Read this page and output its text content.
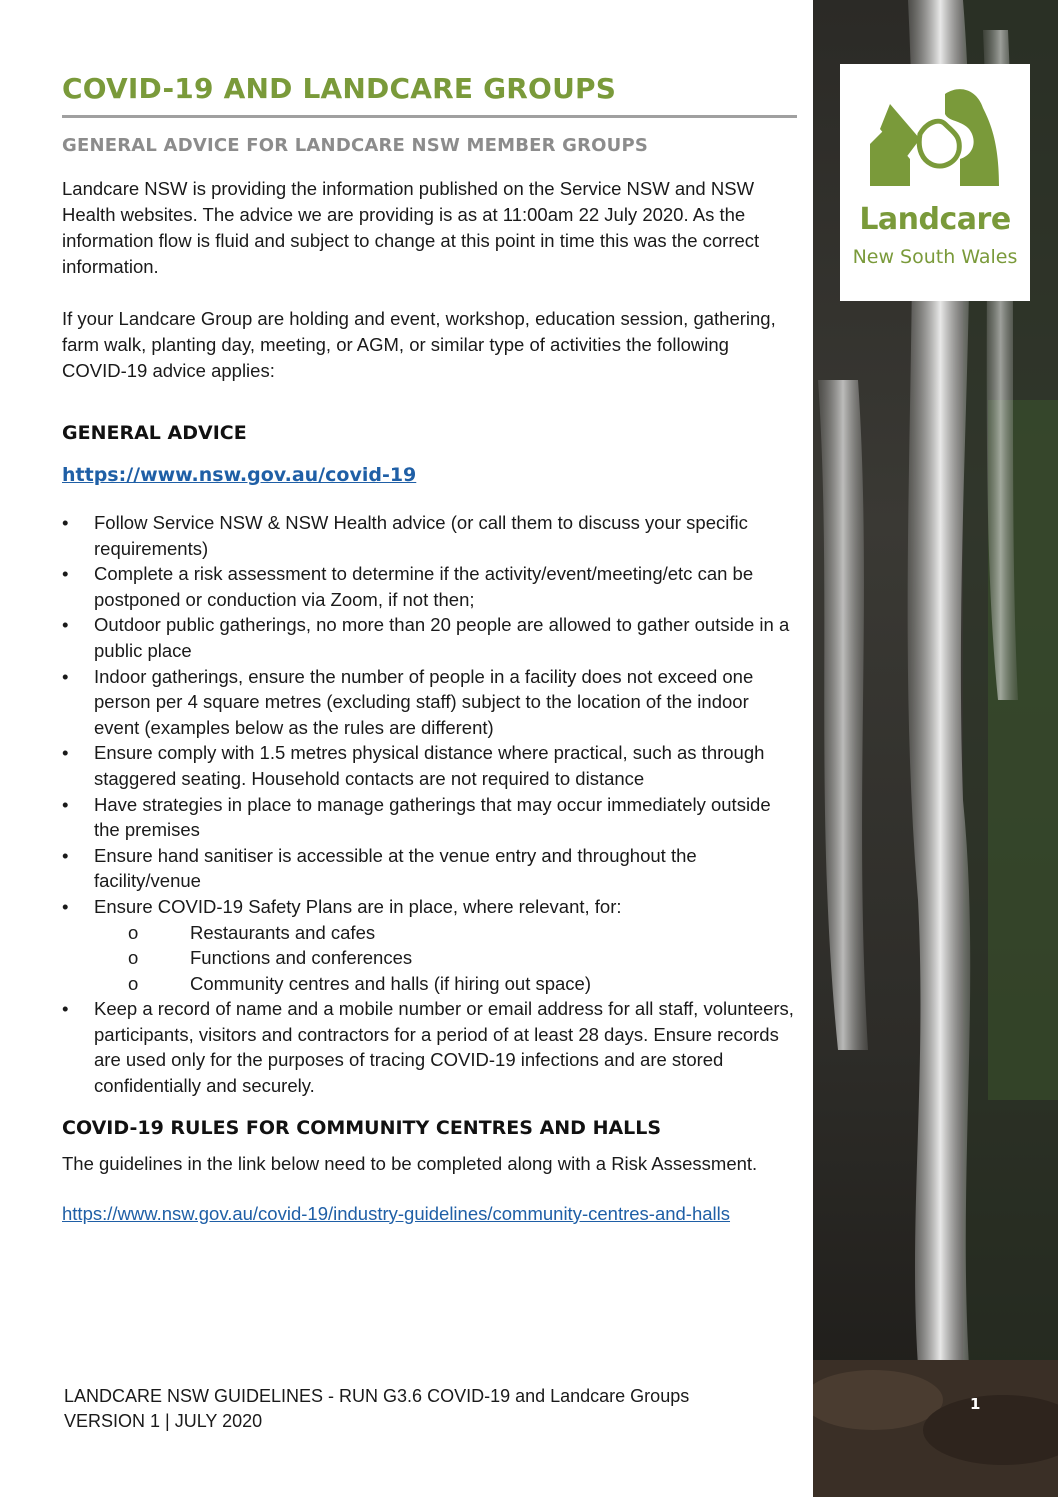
COVID-19 AND LANDCARE GROUPS
GENERAL ADVICE FOR LANDCARE NSW MEMBER GROUPS

Landcare NSW is providing the information published on the Service NSW and NSW Health websites. The advice we are providing is as at 11:00am 22 July 2020. As the information flow is fluid and subject to change at this point in time this was the correct information.

If your Landcare Group are holding and event, workshop, education session, gathering, farm walk, planting day, meeting, or AGM, or similar type of activities the following COVID-19 advice applies:

GENERAL ADVICE
https://www.nsw.gov.au/covid-19
•	Follow Service NSW & NSW Health advice (or call them to discuss your specific requirements)
•	Complete a risk assessment to determine if the activity/event/meeting/etc can be postponed or conduction via Zoom, if not then;
•	Outdoor public gatherings, no more than 20 people are allowed to gather outside in a public place
•	Indoor gatherings, ensure the number of people in a facility does not exceed one person per 4 square metres (excluding staff) subject to the location of the indoor event (examples below as the rules are different)
•	Ensure comply with 1.5 metres physical distance where practical, such as through staggered seating. Household contacts are not required to distance
•	Have strategies in place to manage gatherings that may occur immediately outside the premises
•	Ensure hand sanitiser is accessible at the venue entry and throughout the facility/venue
•	Ensure COVID-19 Safety Plans are in place, where relevant, for:
o	Restaurants and cafes
o	Functions and conferences
o	Community centres and halls (if hiring out space)
•	Keep a record of name and a mobile number or email address for all staff, volunteers, participants, visitors and contractors for a period of at least 28 days. Ensure records are used only for the purposes of tracing COVID-19 infections and are stored confidentially and securely.
COVID-19 RULES FOR COMMUNITY CENTRES AND HALLS

The guidelines in the link below need to be completed along with a Risk Assessment.

https://www.nsw.gov.au/covid-19/industry-guidelines/community-centres-and-halls
LANDCARE NSW GUIDELINES - RUN G3.6 COVID-19 and Landcare Groups
VERSION 1 | JULY 2020
Landcare
New South Wales
1
